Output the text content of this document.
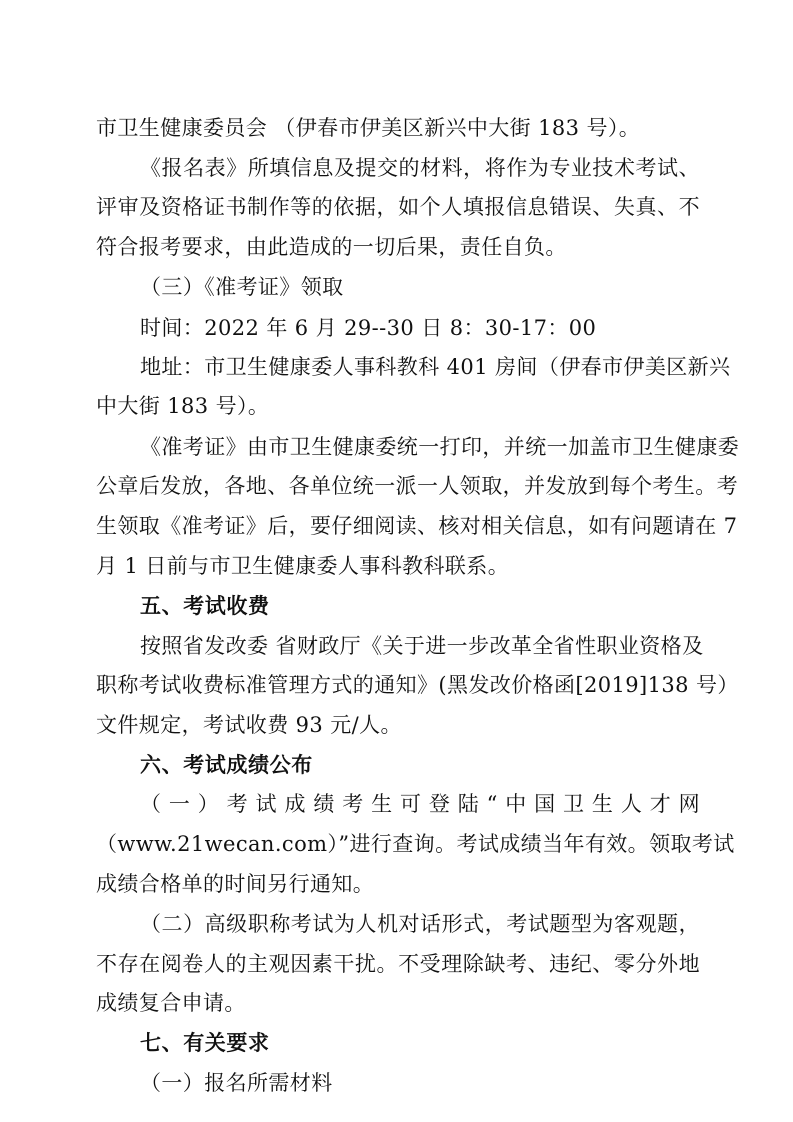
市卫生健康委员会 （伊春市伊美区新兴中大街 183 号）。
《报名表》所填信息及提交的材料，将作为专业技术考试、
评审及资格证书制作等的依据，如个人填报信息错误、失真、不
符合报考要求，由此造成的一切后果，责任自负。
（三）《准考证》领取
时间：2022 年 6 月 29--30 日 8：30-17：00
地址：市卫生健康委人事科教科 401 房间（伊春市伊美区新兴
中大街 183 号）。
《准考证》由市卫生健康委统一打印，并统一加盖市卫生健康委
公章后发放，各地、各单位统一派一人领取，并发放到每个考生。考
生领取《准考证》后，要仔细阅读、核对相关信息，如有问题请在 7
月 1 日前与市卫生健康委人事科教科联系。
五、考试收费
按照省发改委 省财政厅《关于进一步改革全省性职业资格及
职称考试收费标准管理方式的通知》(黑发改价格函[2019]138 号）
文件规定，考试收费 93 元/人。
六、考试成绩公布
（一）考试成绩考生可登陆“中国卫生人才网
（www.21wecan.com）”进行查询。考试成绩当年有效。领取考试
成绩合格单的时间另行通知。
（二）高级职称考试为人机对话形式，考试题型为客观题，
不存在阅卷人的主观因素干扰。不受理除缺考、违纪、零分外地
成绩复合申请。
七、有关要求
（一）报名所需材料
